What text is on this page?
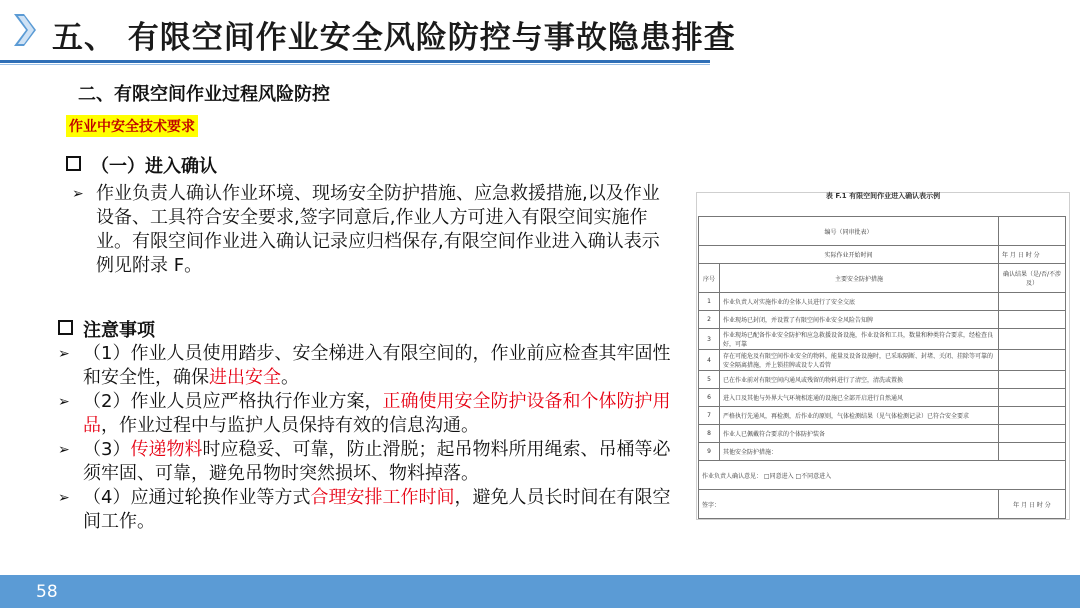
五、 有限空间作业安全风险防控与事故隐患排查
二、有限空间作业过程风险防控
作业中安全技术要求
（一）进入确认
➢ 作业负责人确认作业环境、现场安全防护措施、应急救援措施,以及作业设备、工具符合安全要求,签字同意后,作业人方可进入有限空间实施作业。有限空间作业进入确认记录应归档保存,有限空间作业进入确认表示例见附录 F。
注意事项

➢ （1）作业人员使用踏步、安全梯进入有限空间的，作业前应检查其牢固性和安全性，确保进出安全。

➢ （2）作业人员应严格执行作业方案，正确使用安全防护设备和个体防护用品，作业过程中与监护人员保持有效的信息沟通。

➢ （3）传递物料时应稳妥、可靠，防止滑脱；起吊物料所用绳索、吊桶等必须牢固、可靠，避免吊物时突然损坏、物料掉落。

➢ （4）应通过轮换作业等方式合理安排工作时间，避免人员长时间在有限空间工作。

表 F.1 有限空间作业进入确认表示例
编号（同审批表）		
实际作业开始时间		年 月 日 时 分
序号	主要安全防护措施	确认结果（是/否/不涉及）
1	作业负责人对实施作业的全体人员进行了安全交底	
2	作业现场已封闭，并设置了有限空间作业安全风险告知牌	
3	作业现场已配备作业安全防护和应急救援设备设施，作业设备和工具，数量和种类符合要求，经检查良好，可靠	
4	存在可能危及有限空间作业安全的物料，能量及设备设施时，已采取隔断、封堵、关闭、挂除等可靠的安全隔离措施，并上锁挂牌或设专人看管	
5	已在作业前对有限空间内通风或残留的物料进行了清空，清洗或置换	
6	进入口及其他与外界大气环境相连通的设施已全部开启进行自然通风	
7	严格执行先通风，再检测，后作业的原则，气体检测结果（见气体检测记录）已符合安全要求	
8	作业人已佩戴符合要求的个体防护装备	
9	其他安全防护措施：	
作业负责人确认意见： □同意进入 □不同意进入		
签字：		年 月 日 时 分
58
